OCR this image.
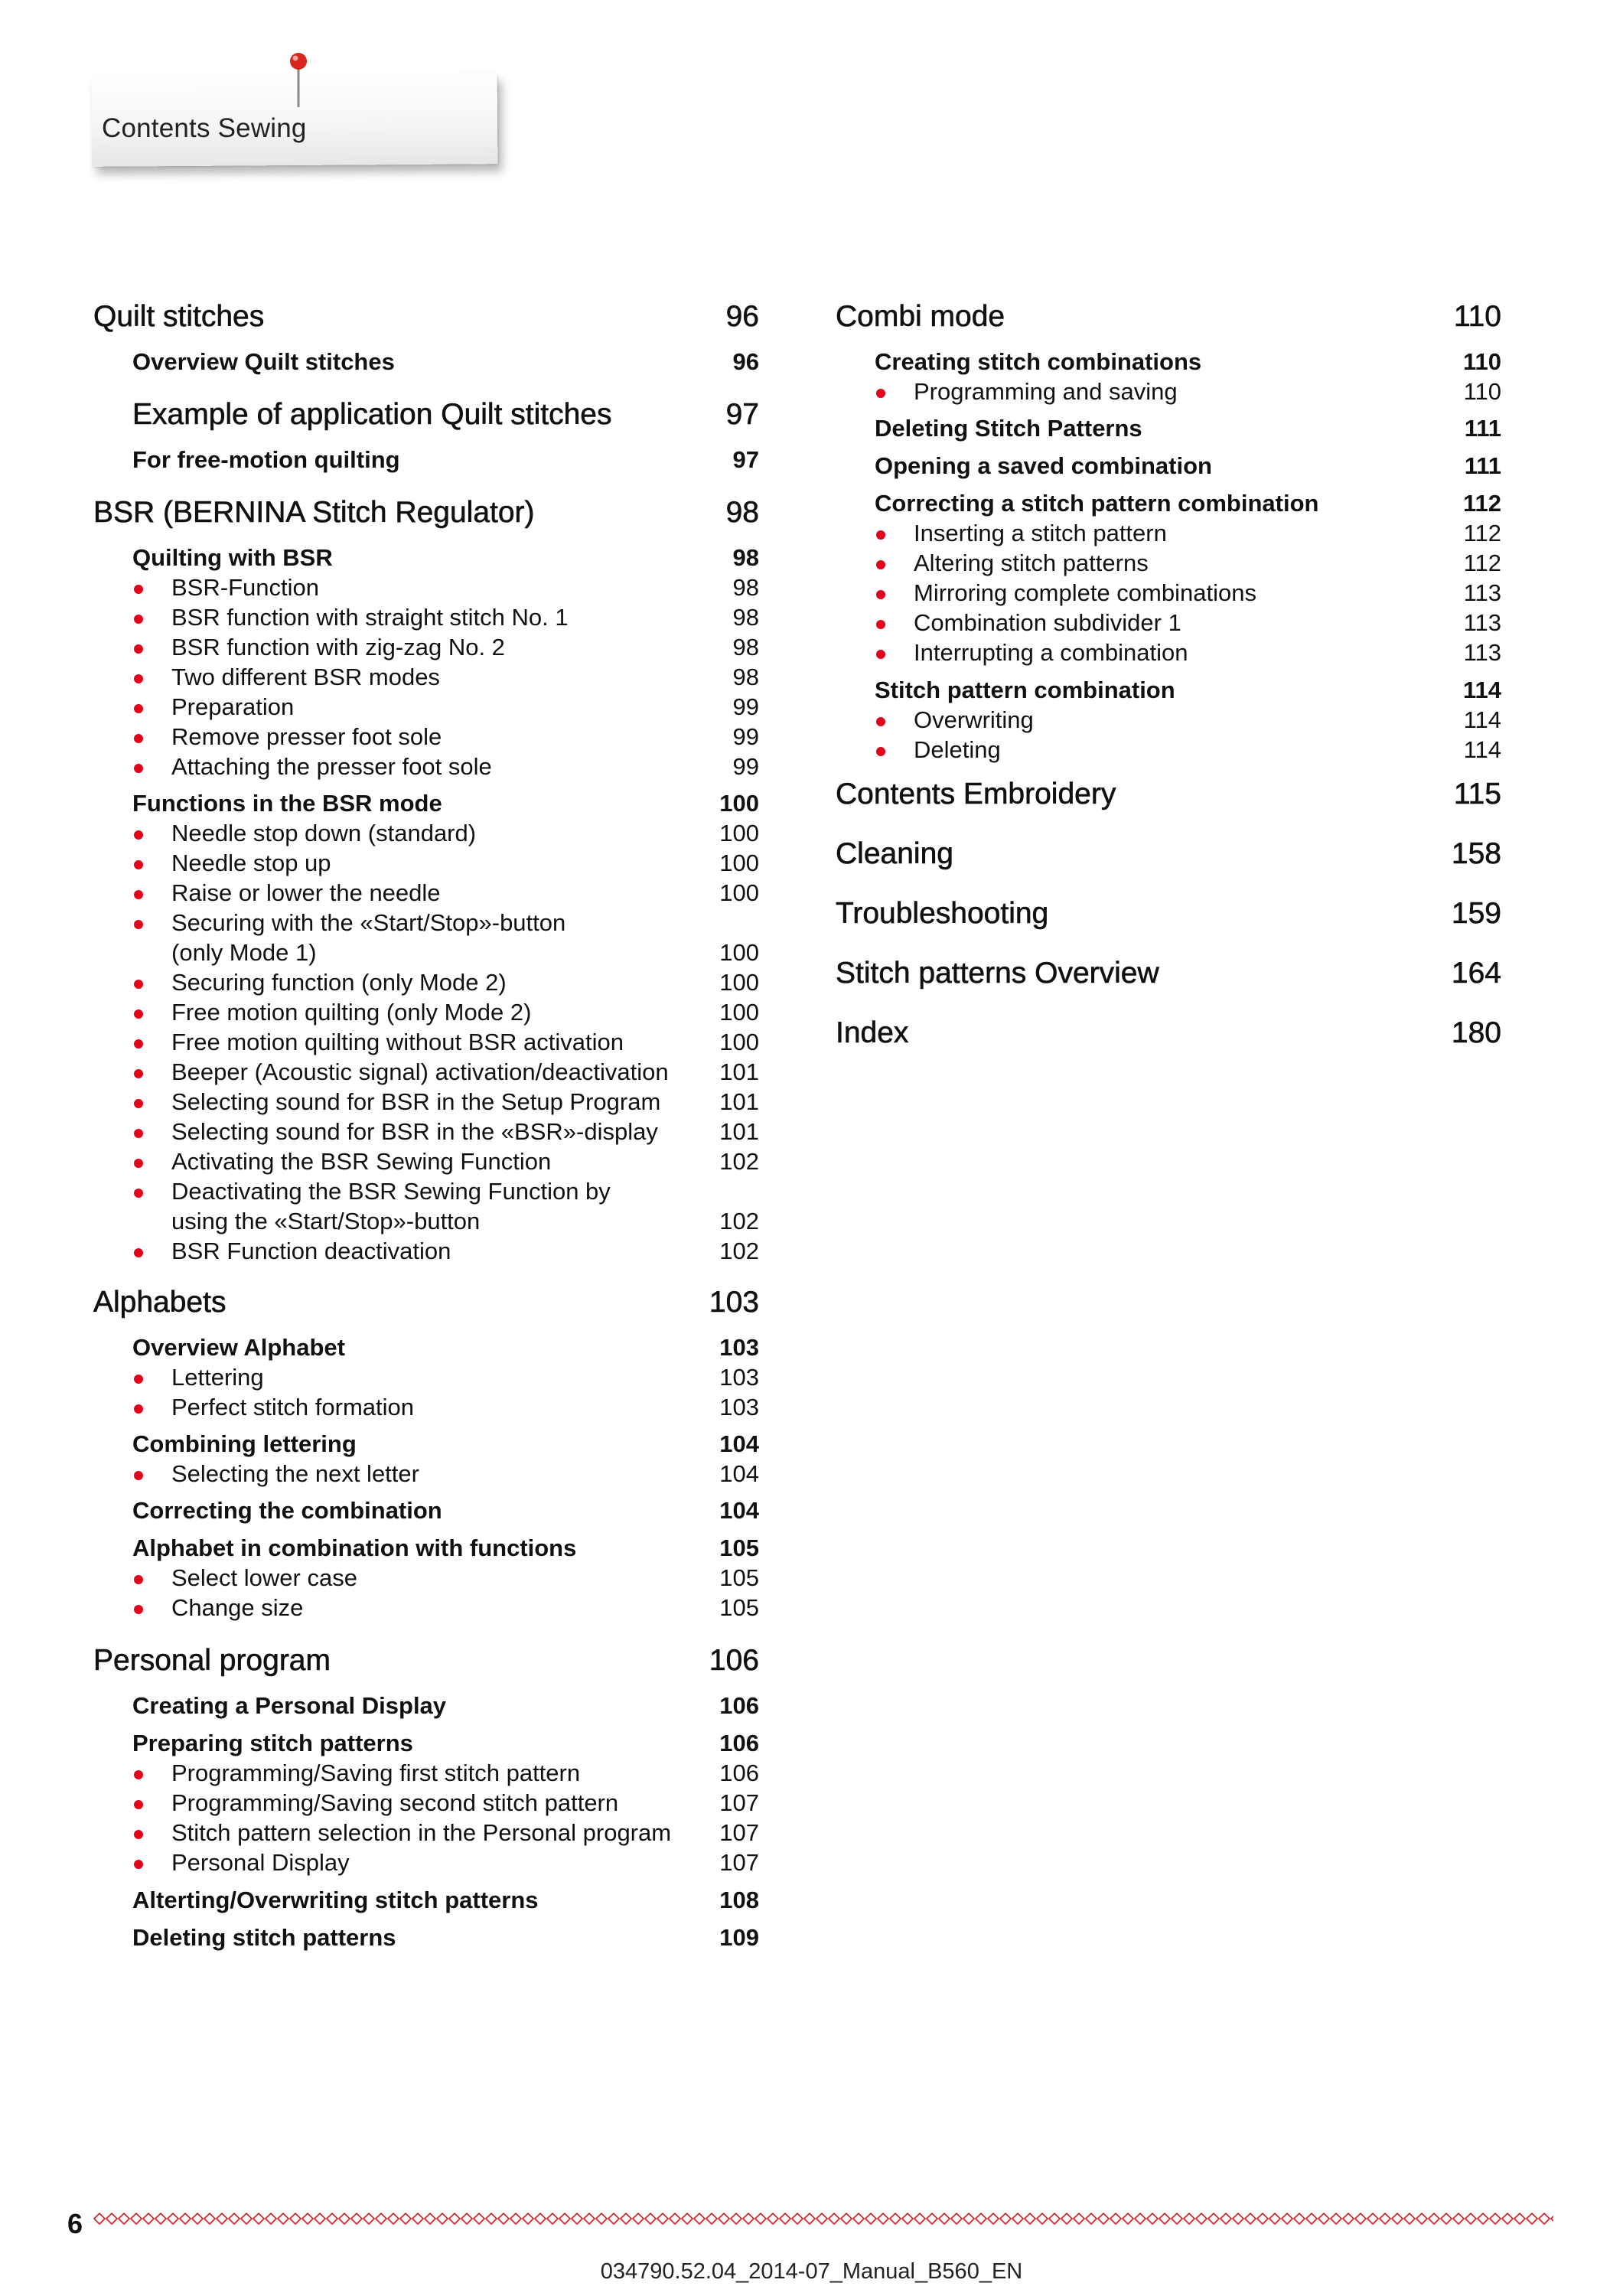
Contents Sewing
Quilt stitches	96
Overview Quilt stitches	96
Example of application Quilt stitches	97
For free-motion quilting	97
BSR (BERNINA Stitch Regulator)	98
Quilting with BSR	98
BSR-Function	98
BSR function with straight stitch No. 1	98
BSR function with zig-zag No. 2	98
Two different BSR modes	98
Preparation	99
Remove presser foot sole	99
Attaching the presser foot sole	99
Functions in the BSR mode	100
Needle stop down (standard)	100
Needle stop up	100
Raise or lower the needle	100
Securing with the «Start/Stop»-button
(only Mode 1)	100
Securing function (only Mode 2)	100
Free motion quilting (only Mode 2)	100
Free motion quilting without BSR activation	100
Beeper (Acoustic signal) activation/deactivation	101
Selecting sound for BSR in the Setup Program	101
Selecting sound for BSR in the «BSR»-display	101
Activating the BSR Sewing Function	102
Deactivating the BSR Sewing Function by
using the «Start/Stop»-button	102
BSR Function deactivation	102
Alphabets	103
Overview Alphabet	103
Lettering	103
Perfect stitch formation	103
Combining lettering	104
Selecting the next letter	104
Correcting the combination	104
Alphabet in combination with functions	105
Select lower case	105
Change size	105
Personal program	106
Creating a Personal Display	106
Preparing stitch patterns	106
Programming/Saving first stitch pattern	106
Programming/Saving second stitch pattern	107
Stitch pattern selection in the Personal program	107
Personal Display	107
Alterting/Overwriting stitch patterns	108
Deleting stitch patterns	109
Combi mode	110
Creating stitch combinations	110
Programming and saving	110
Deleting Stitch Patterns	111
Opening a saved combination	111
Correcting a stitch pattern combination	112
Inserting a stitch pattern	112
Altering stitch patterns	112
Mirroring complete combinations	113
Combination subdivider 1	113
Interrupting a combination	113
Stitch pattern combination	114
Overwriting	114
Deleting	114
Contents Embroidery	115
Cleaning	158
Troubleshooting	159
Stitch patterns Overview	164
Index	180
6
034790.52.04_2014-07_Manual_B560_EN
